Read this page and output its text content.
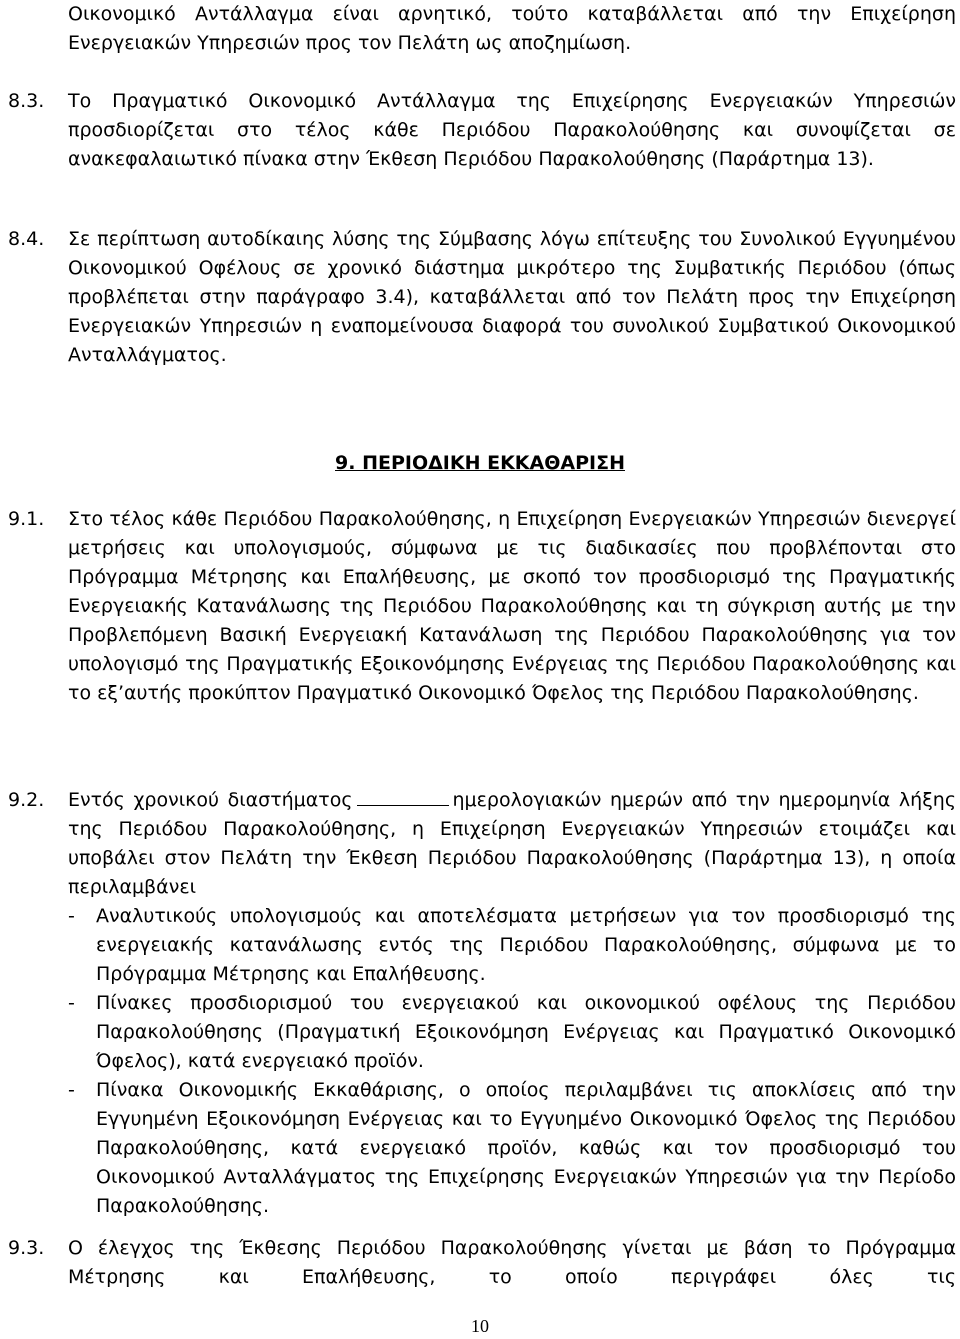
Οικονομικό Αντάλλαγμα είναι αρνητικό, τούτο καταβάλλεται από την Επιχείρηση Ενεργειακών Υπηρεσιών προς τον Πελάτη ως αποζημίωση.
8.3. Το Πραγματικό Οικονομικό Αντάλλαγμα της Επιχείρησης Ενεργειακών Υπηρεσιών προσδιορίζεται στο τέλος κάθε Περιόδου Παρακολούθησης και συνοψίζεται σε ανακεφαλαιωτικό πίνακα στην Έκθεση Περιόδου Παρακολούθησης (Παράρτημα 13).
8.4. Σε περίπτωση αυτοδίκαιης λύσης της Σύμβασης λόγω επίτευξης του Συνολικού Εγγυημένου Οικονομικού Οφέλους σε χρονικό διάστημα μικρότερο της Συμβατικής Περιόδου (όπως προβλέπεται στην παράγραφο 3.4), καταβάλλεται από τον Πελάτη προς την Επιχείρηση Ενεργειακών Υπηρεσιών η εναπομείνουσα διαφορά του συνολικού Συμβατικού Οικονομικού Ανταλλάγματος.
9. ΠΕΡΙΟΔΙΚΗ ΕΚΚΑΘΑΡΙΣΗ
9.1. Στο τέλος κάθε Περιόδου Παρακολούθησης, η Επιχείρηση Ενεργειακών Υπηρεσιών διενεργεί μετρήσεις και υπολογισμούς, σύμφωνα με τις διαδικασίες που προβλέπονται στο Πρόγραμμα Μέτρησης και Επαλήθευσης, με σκοπό τον προσδιορισμό της Πραγματικής Ενεργειακής Κατανάλωσης της Περιόδου Παρακολούθησης και τη σύγκριση αυτής με την Προβλεπόμενη Βασική Ενεργειακή Κατανάλωση της Περιόδου Παρακολούθησης για τον υπολογισμό της Πραγματικής Εξοικονόμησης Ενέργειας της Περιόδου Παρακολούθησης και το εξ’αυτής προκύπτον Πραγματικό Οικονομικό Όφελος της Περιόδου Παρακολούθησης.
9.2. Εντός χρονικού διαστήματος	ημερολογιακών ημερών από την ημερομηνία λήξης της Περιόδου Παρακολούθησης, η Επιχείρηση Ενεργειακών Υπηρεσιών ετοιμάζει και υποβάλει στον Πελάτη την Έκθεση Περιόδου Παρακολούθησης (Παράρτημα 13), η οποία περιλαμβάνει
- Αναλυτικούς υπολογισμούς και αποτελέσματα μετρήσεων για τον προσδιορισμό της ενεργειακής κατανάλωσης εντός της Περιόδου Παρακολούθησης, σύμφωνα με το Πρόγραμμα Μέτρησης και Επαλήθευσης.
- Πίνακες προσδιορισμού του ενεργειακού και οικονομικού οφέλους της Περιόδου Παρακολούθησης (Πραγματική Εξοικονόμηση Ενέργειας και Πραγματικό Οικονομικό Όφελος), κατά ενεργειακό προϊόν.
- Πίνακα Οικονομικής Εκκαθάρισης, ο οποίος περιλαμβάνει τις αποκλίσεις από την Εγγυημένη Εξοικονόμηση Ενέργειας και το Εγγυημένο Οικονομικό Όφελος της Περιόδου Παρακολούθησης, κατά ενεργειακό προϊόν, καθώς και τον προσδιορισμό του Οικονομικού Ανταλλάγματος της Επιχείρησης Ενεργειακών Υπηρεσιών για την Περίοδο Παρακολούθησης.
9.3. Ο έλεγχος της Έκθεσης Περιόδου Παρακολούθησης γίνεται με βάση το Πρόγραμμα Μέτρησης και Επαλήθευσης, το οποίο περιγράφει όλες τις
10
